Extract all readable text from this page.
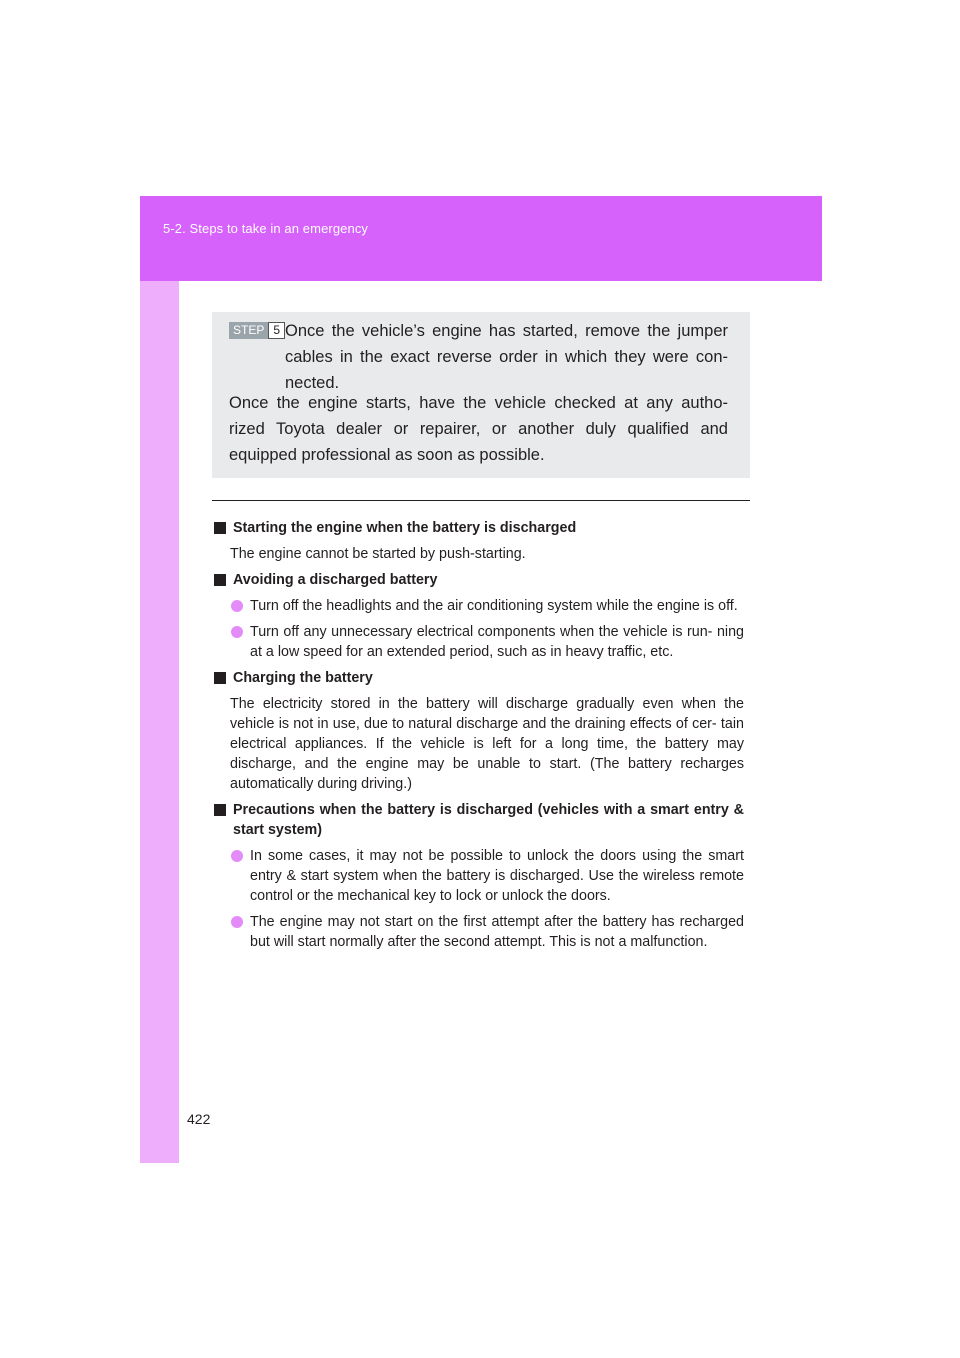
5-2. Steps to take in an emergency
STEP 5 Once the vehicle’s engine has started, remove the jumper cables in the exact reverse order in which they were con- nected.
Once the engine starts, have the vehicle checked at any autho- rized Toyota dealer or repairer, or another duly qualified and equipped professional as soon as possible.
Starting the engine when the battery is discharged
The engine cannot be started by push-starting.
Avoiding a discharged battery
Turn off the headlights and the air conditioning system while the engine is off.
Turn off any unnecessary electrical components when the vehicle is run- ning at a low speed for an extended period, such as in heavy traffic, etc.
Charging the battery
The electricity stored in the battery will discharge gradually even when the vehicle is not in use, due to natural discharge and the draining effects of cer- tain electrical appliances. If the vehicle is left for a long time, the battery may discharge, and the engine may be unable to start. (The battery recharges automatically during driving.)
Precautions when the battery is discharged (vehicles with a smart entry & start system)
In some cases, it may not be possible to unlock the doors using the smart entry & start system when the battery is discharged. Use the wireless remote control or the mechanical key to lock or unlock the doors.
The engine may not start on the first attempt after the battery has recharged but will start normally after the second attempt. This is not a malfunction.
422
